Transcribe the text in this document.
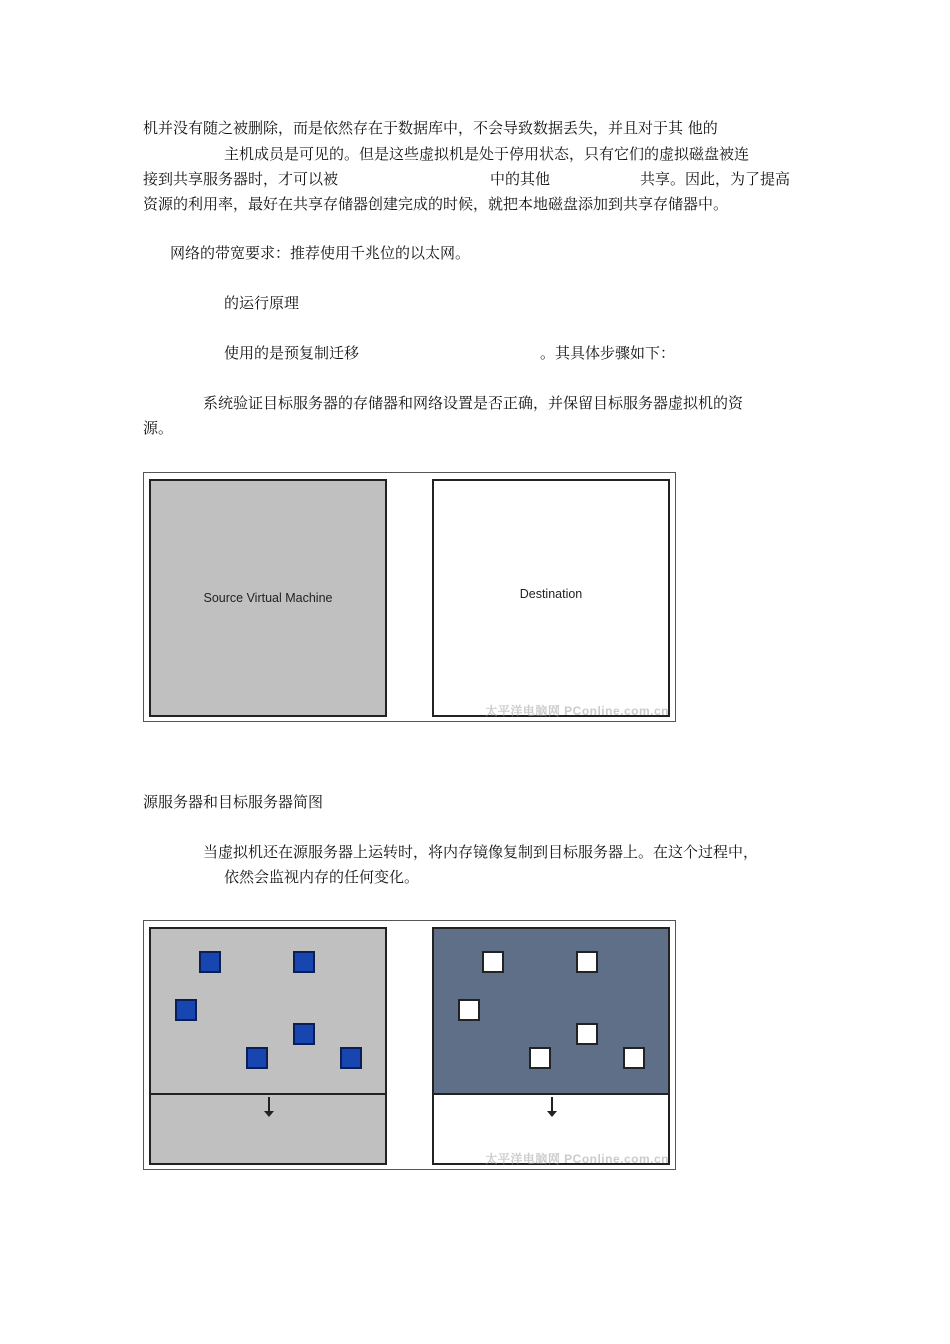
机并没有随之被删除，而是依然存在于数据库中，不会导致数据丢失，并且对于其 他的
主机成员是可见的。但是这些虚拟机是处于停用状态，只有它们的虚拟磁盘被连
接到共享服务器时，才可以被	中的其他	共享。因此，为了提高
资源的利用率，最好在共享存储器创建完成的时候，就把本地磁盘添加到共享存储器中。
网络的带宽要求：推荐使用千兆位的以太网。
的运行原理
使用的是预复制迁移	。其具体步骤如下：
系统验证目标服务器的存储器和网络设置是否正确，并保留目标服务器虚拟机的资
源。
Source Virtual Machine	Destination
太平洋电脑网 PConline.com.cn
源服务器和目标服务器简图
当虚拟机还在源服务器上运转时，将内存镜像复制到目标服务器上。在这个过程中，
依然会监视内存的任何变化。
太平洋电脑网 PConline.com.cn
